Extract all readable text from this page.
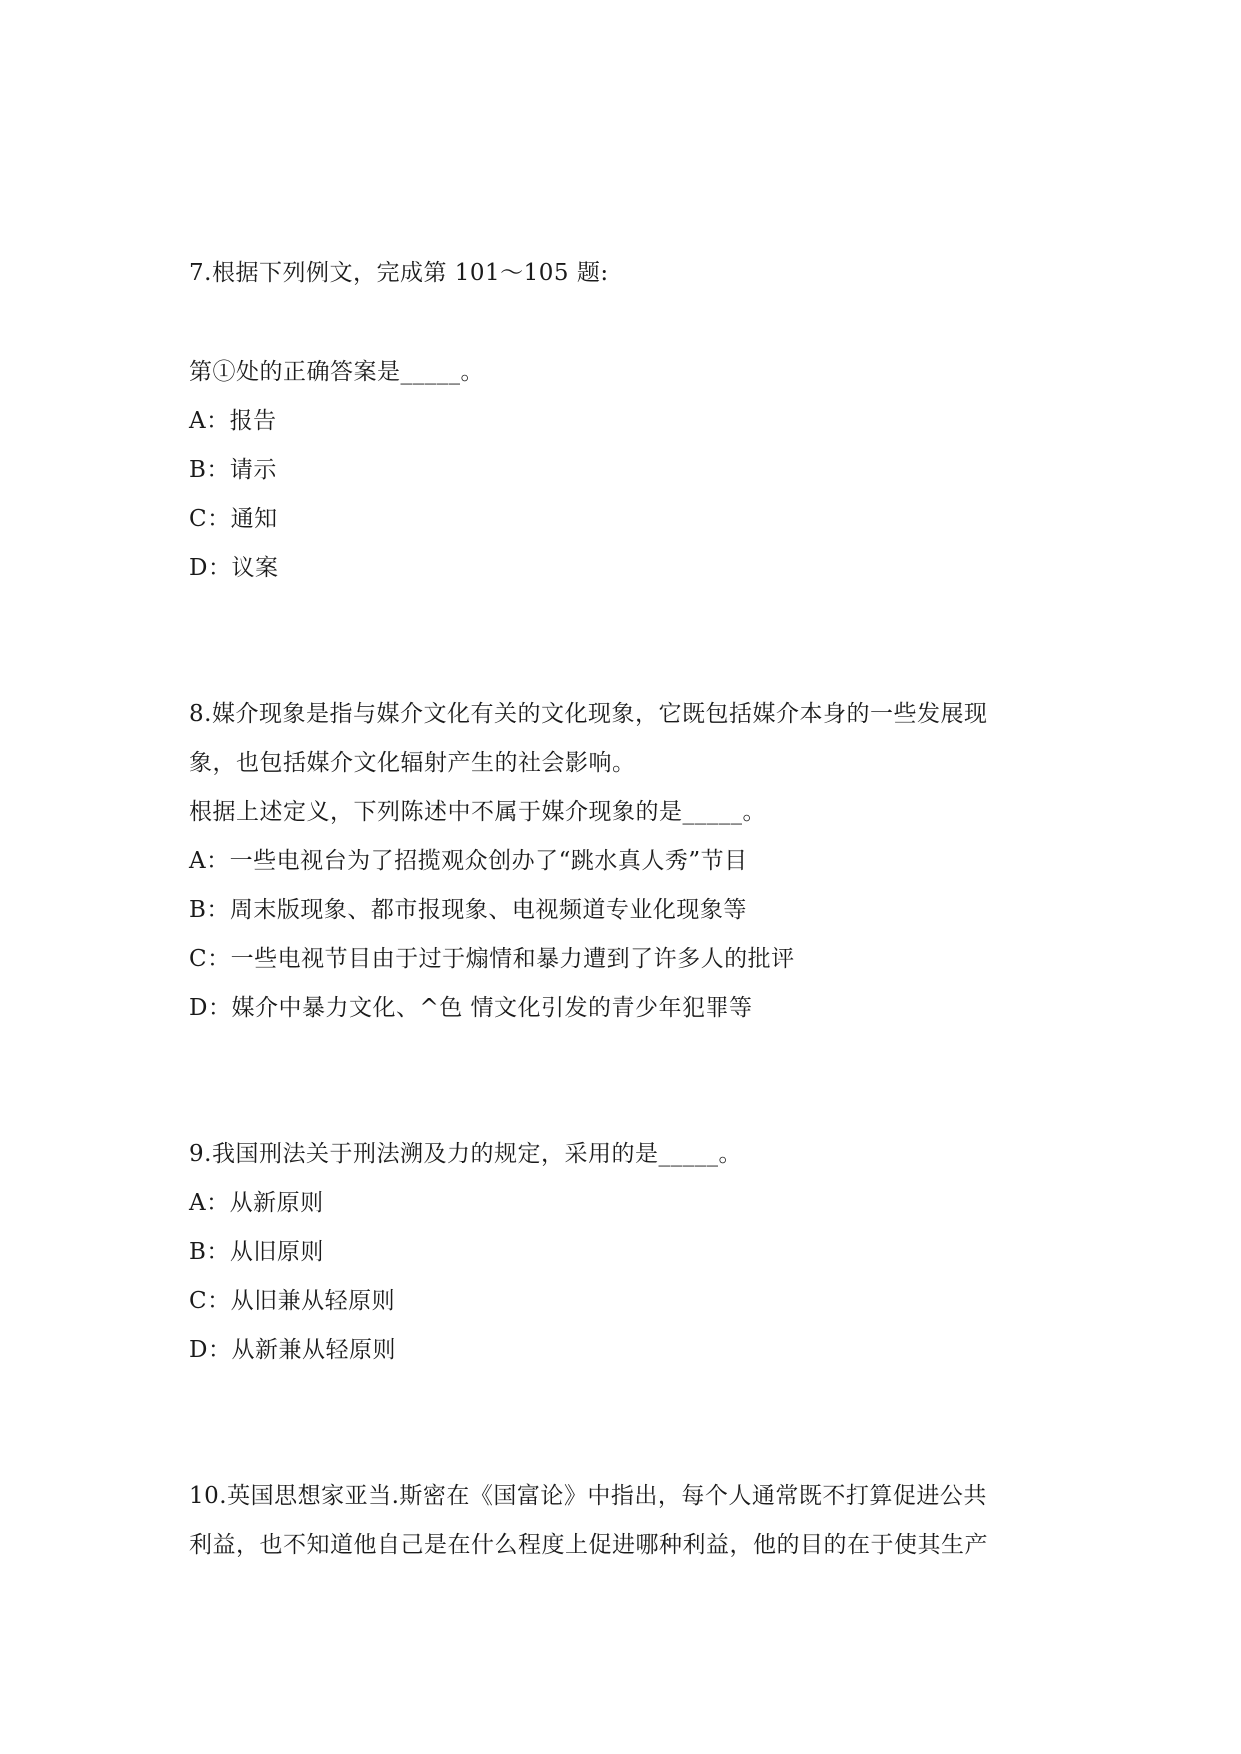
7.根据下列例文，完成第 101～105 题:
第①处的正确答案是_____。
A：报告
B：请示
C：通知
D：议案
8.媒介现象是指与媒介文化有关的文化现象，它既包括媒介本身的一些发展现
象，也包括媒介文化辐射产生的社会影响。
根据上述定义，下列陈述中不属于媒介现象的是_____。
A：一些电视台为了招揽观众创办了“跳水真人秀”节目
B：周末版现象、都市报现象、电视频道专业化现象等
C：一些电视节目由于过于煽情和暴力遭到了许多人的批评
D：媒介中暴力文化、^色 情文化引发的青少年犯罪等
9.我国刑法关于刑法溯及力的规定，采用的是_____。
A：从新原则
B：从旧原则
C：从旧兼从轻原则
D：从新兼从轻原则
10.英国思想家亚当.斯密在《国富论》中指出，每个人通常既不打算促进公共
利益，也不知道他自己是在什么程度上促进哪种利益，他的目的在于使其生产
